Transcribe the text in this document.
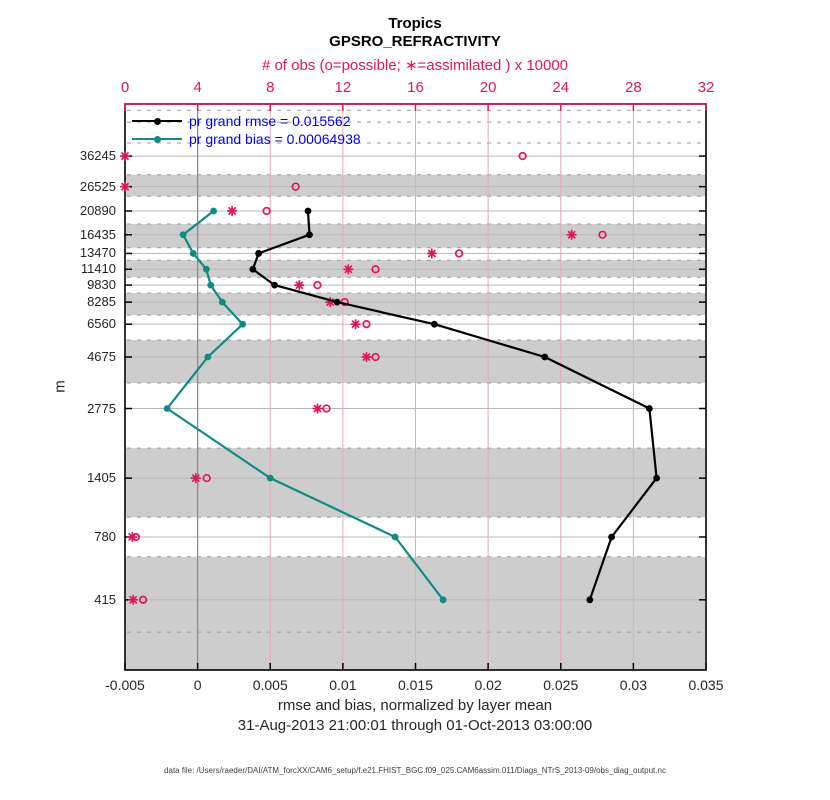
Tropics
GPSRO_REFRACTIVITY
# of obs (o=possible; ∗=assimilated ) x 10000
0	4	8	12	16	20	24	28	32
36245
26525
20890
16435
13470
11410
9830
8285
6560
4675
2775
1405
780
415
m
pr grand rmse = 0.015562
pr grand bias = 0.00064938
-0.005	0	0.005	0.01	0.015	0.02	0.025	0.03	0.035
rmse and bias, normalized by layer mean
31-Aug-2013 21:00:01 through 01-Oct-2013 03:00:00
data file: /Users/raeder/DAI/ATM_forcXX/CAM6_setup/f.e21.FHIST_BGC.f09_025.CAM6assim.011/Diags_NTrS_2013-09/obs_diag_output.nc
